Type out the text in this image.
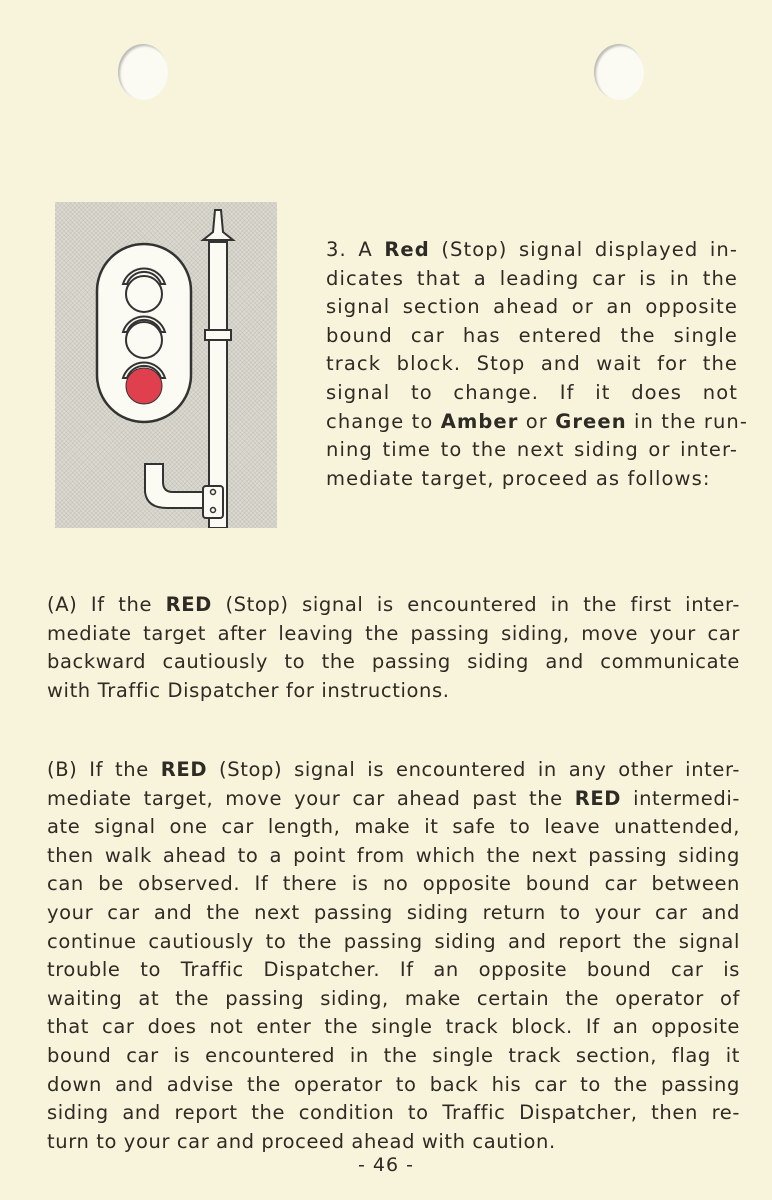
3. A Red (Stop) signal displayed in-
dicates that a leading car is in the
signal section ahead or an opposite
bound car has entered the single
track block. Stop and wait for the
signal to change. If it does not
change to Amber or Green in the run-
ning time to the next siding or inter-
mediate target, proceed as follows:
(A) If the RED (Stop) signal is encountered in the first inter-
mediate target after leaving the passing siding, move your car
backward cautiously to the passing siding and communicate
with Traffic Dispatcher for instructions.
(B) If the RED (Stop) signal is encountered in any other inter-
mediate target, move your car ahead past the RED intermedi-
ate signal one car length, make it safe to leave unattended,
then walk ahead to a point from which the next passing siding
can be observed. If there is no opposite bound car between
your car and the next passing siding return to your car and
continue cautiously to the passing siding and report the signal
trouble to Traffic Dispatcher. If an opposite bound car is
waiting at the passing siding, make certain the operator of
that car does not enter the single track block. If an opposite
bound car is encountered in the single track section, flag it
down and advise the operator to back his car to the passing
siding and report the condition to Traffic Dispatcher, then re-
turn to your car and proceed ahead with caution.
- 46 -
